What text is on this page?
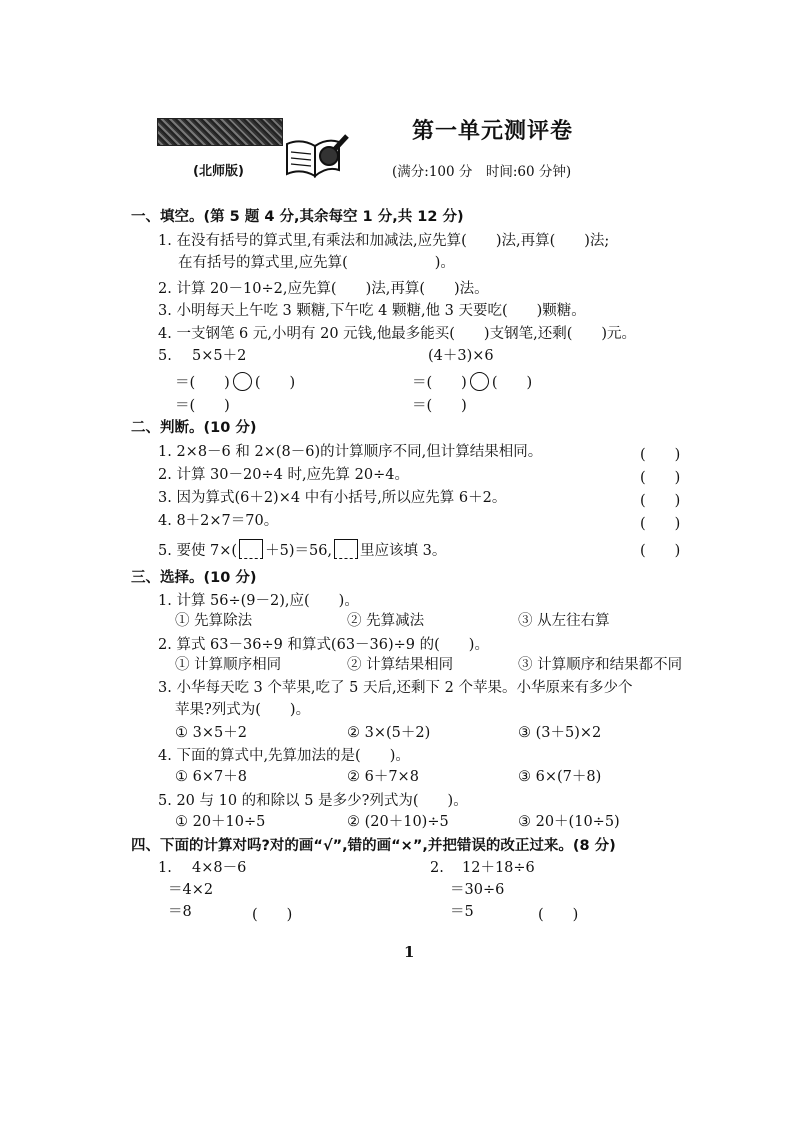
(北师版)
第一单元测评卷
(满分:100 分　时间:60 分钟)
一、填空。(第 5 题 4 分,其余每空 1 分,共 12 分)
1. 在没有括号的算式里,有乘法和加减法,应先算(　　)法,再算(　　)法;
在有括号的算式里,应先算(　　　　　　)。
2. 计算 20－10÷2,应先算(　　)法,再算(　　)法。
3. 小明每天上午吃 3 颗糖,下午吃 4 颗糖,他 3 天要吃(　　)颗糖。
4. 一支钢笔 6 元,小明有 20 元钱,他最多能买(　　)支钢笔,还剩(　　)元。
5. 5×5＋2	(4＋3)×6
＝(　　) (　　)	＝(　　) (　　)
＝(　　)	＝(　　)
二、判断。(10 分)
1. 2×8－6 和 2×(8－6)的计算顺序不同,但计算结果相同。	(　　)
2. 计算 30－20÷4 时,应先算 20÷4。	(　　)
3. 因为算式(6＋2)×4 中有小括号,所以应先算 6＋2。	(　　)
4. 8＋2×7＝70。	(　　)
5. 要使 7×( ＋5)＝56, 里应该填 3。	(　　)
三、选择。(10 分)
1. 计算 56÷(9－2),应(　　)。
① 先算除法	② 先算减法	③ 从左往右算
2. 算式 63－36÷9 和算式(63－36)÷9 的(　　)。
① 计算顺序相同	② 计算结果相同	③ 计算顺序和结果都不同
3. 小华每天吃 3 个苹果,吃了 5 天后,还剩下 2 个苹果。小华原来有多少个
苹果?列式为(　　)。
① 3×5＋2	② 3×(5＋2)	③ (3＋5)×2
4. 下面的算式中,先算加法的是(　　)。
① 6×7＋8	② 6＋7×8	③ 6×(7＋8)
5. 20 与 10 的和除以 5 是多少?列式为(　　)。
① 20＋10÷5	② (20＋10)÷5	③ 20＋(10÷5)
四、下面的计算对吗?对的画“√”,错的画“×”,并把错误的改正过来。(8 分)
1. 4×8－6
＝4×2
＝8	(　　)
2. 12＋18÷6
＝30÷6
＝5	(　　)
1
